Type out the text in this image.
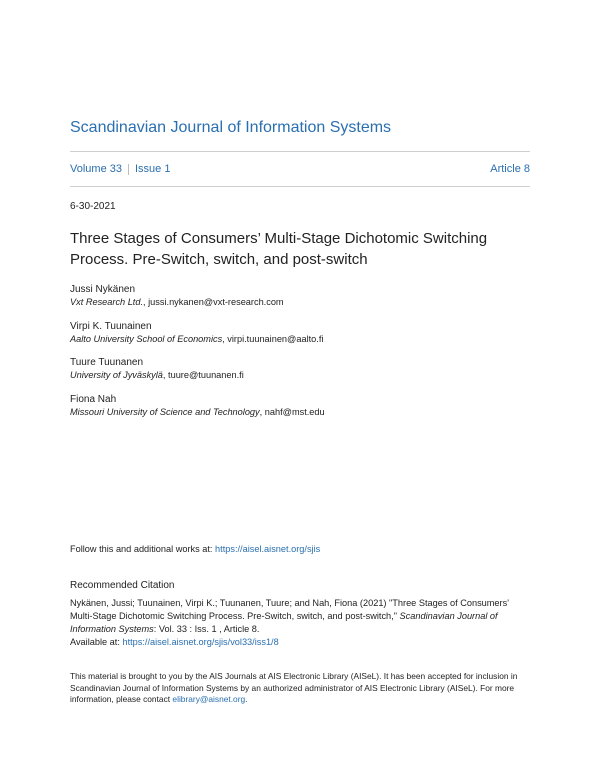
Scandinavian Journal of Information Systems
Volume 33 Issue 1	Article 8
6-30-2021
Three Stages of Consumers’ Multi-Stage Dichotomic Switching Process. Pre-Switch, switch, and post-switch
Jussi Nykänen
Vxt Research Ltd., jussi.nykanen@vxt-research.com
Virpi K. Tuunainen
Aalto University School of Economics, virpi.tuunainen@aalto.fi
Tuure Tuunanen
University of Jyväskylä, tuure@tuunanen.fi
Fiona Nah
Missouri University of Science and Technology, nahf@mst.edu
Follow this and additional works at: https://aisel.aisnet.org/sjis
Recommended Citation
Nykänen, Jussi; Tuunainen, Virpi K.; Tuunanen, Tuure; and Nah, Fiona (2021) "Three Stages of Consumers' Multi-Stage Dichotomic Switching Process. Pre-Switch, switch, and post-switch," Scandinavian Journal of Information Systems: Vol. 33 : Iss. 1 , Article 8.
Available at: https://aisel.aisnet.org/sjis/vol33/iss1/8
This material is brought to you by the AIS Journals at AIS Electronic Library (AISeL). It has been accepted for inclusion in Scandinavian Journal of Information Systems by an authorized administrator of AIS Electronic Library (AISeL). For more information, please contact elibrary@aisnet.org.
